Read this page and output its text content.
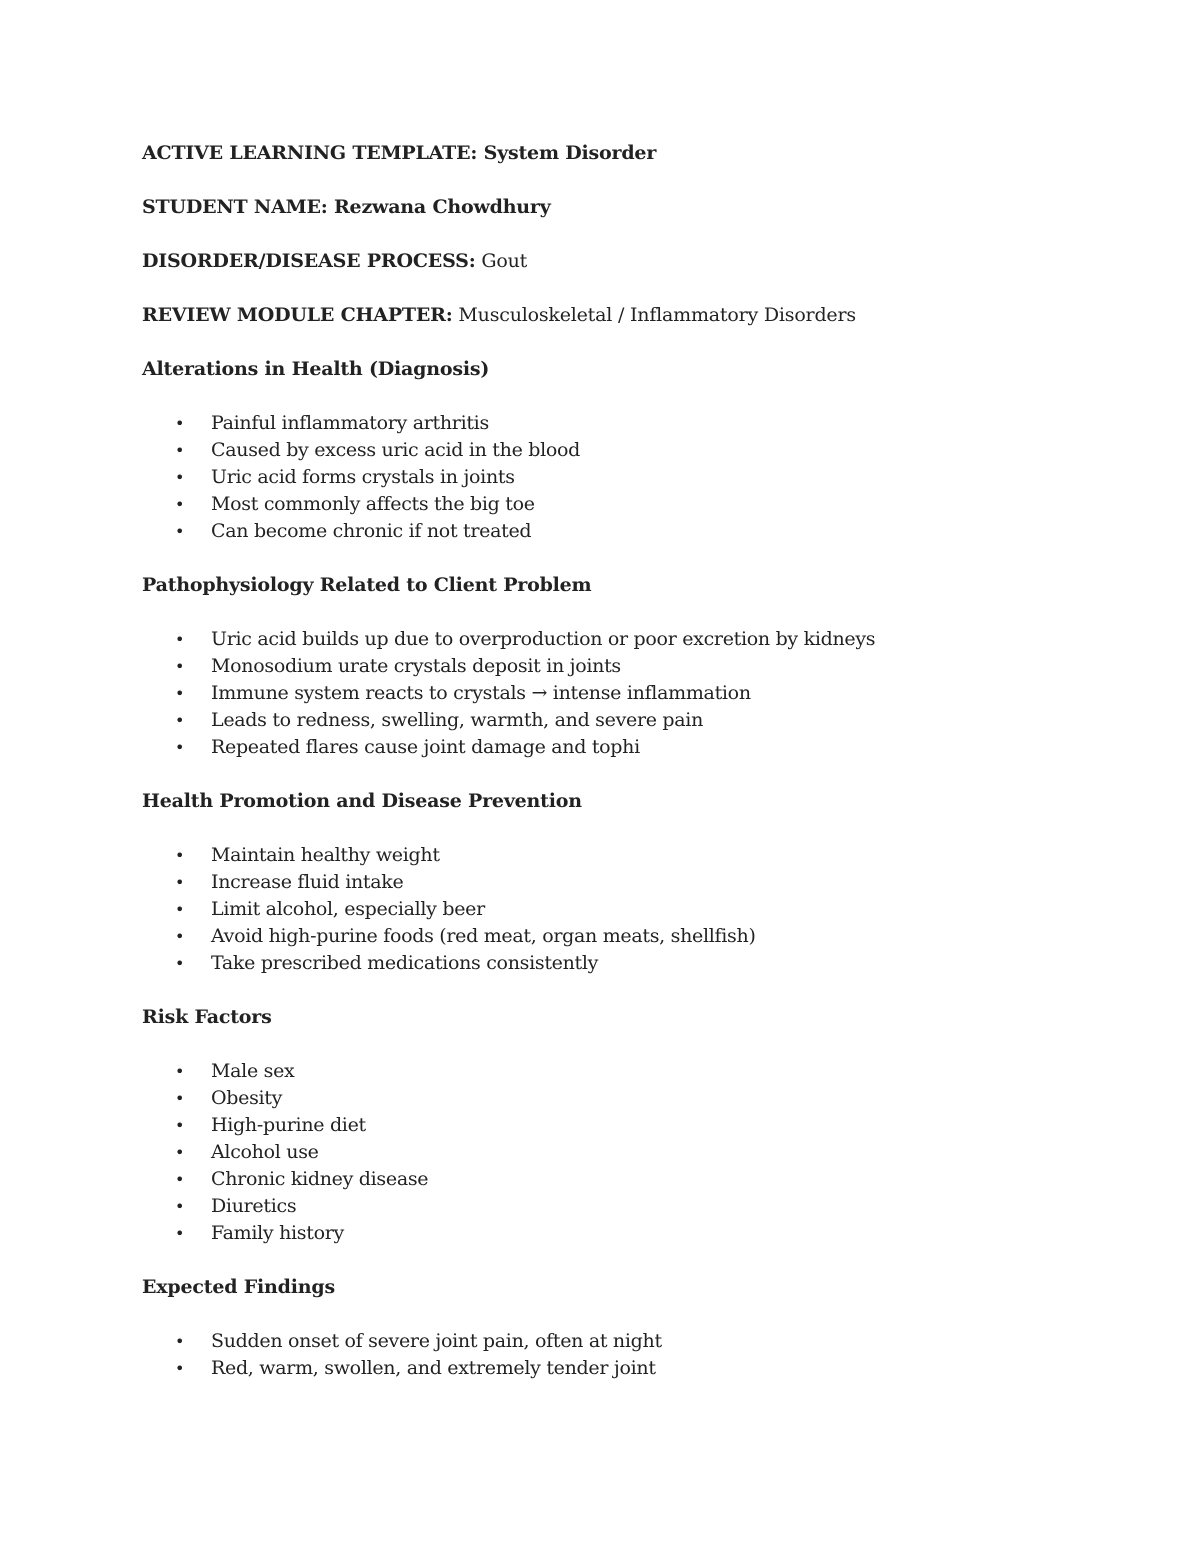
ACTIVE LEARNING TEMPLATE: System Disorder
STUDENT NAME: Rezwana Chowdhury
DISORDER/DISEASE PROCESS: Gout
REVIEW MODULE CHAPTER: Musculoskeletal / Inflammatory Disorders
Alterations in Health (Diagnosis)
• Painful inflammatory arthritis
• Caused by excess uric acid in the blood
• Uric acid forms crystals in joints
• Most commonly affects the big toe
• Can become chronic if not treated
Pathophysiology Related to Client Problem
• Uric acid builds up due to overproduction or poor excretion by kidneys
• Monosodium urate crystals deposit in joints
• Immune system reacts to crystals → intense inflammation
• Leads to redness, swelling, warmth, and severe pain
• Repeated flares cause joint damage and tophi
Health Promotion and Disease Prevention
• Maintain healthy weight
• Increase fluid intake
• Limit alcohol, especially beer
• Avoid high-purine foods (red meat, organ meats, shellfish)
• Take prescribed medications consistently
Risk Factors
• Male sex
• Obesity
• High-purine diet
• Alcohol use
• Chronic kidney disease
• Diuretics
• Family history
Expected Findings
• Sudden onset of severe joint pain, often at night
• Red, warm, swollen, and extremely tender joint
